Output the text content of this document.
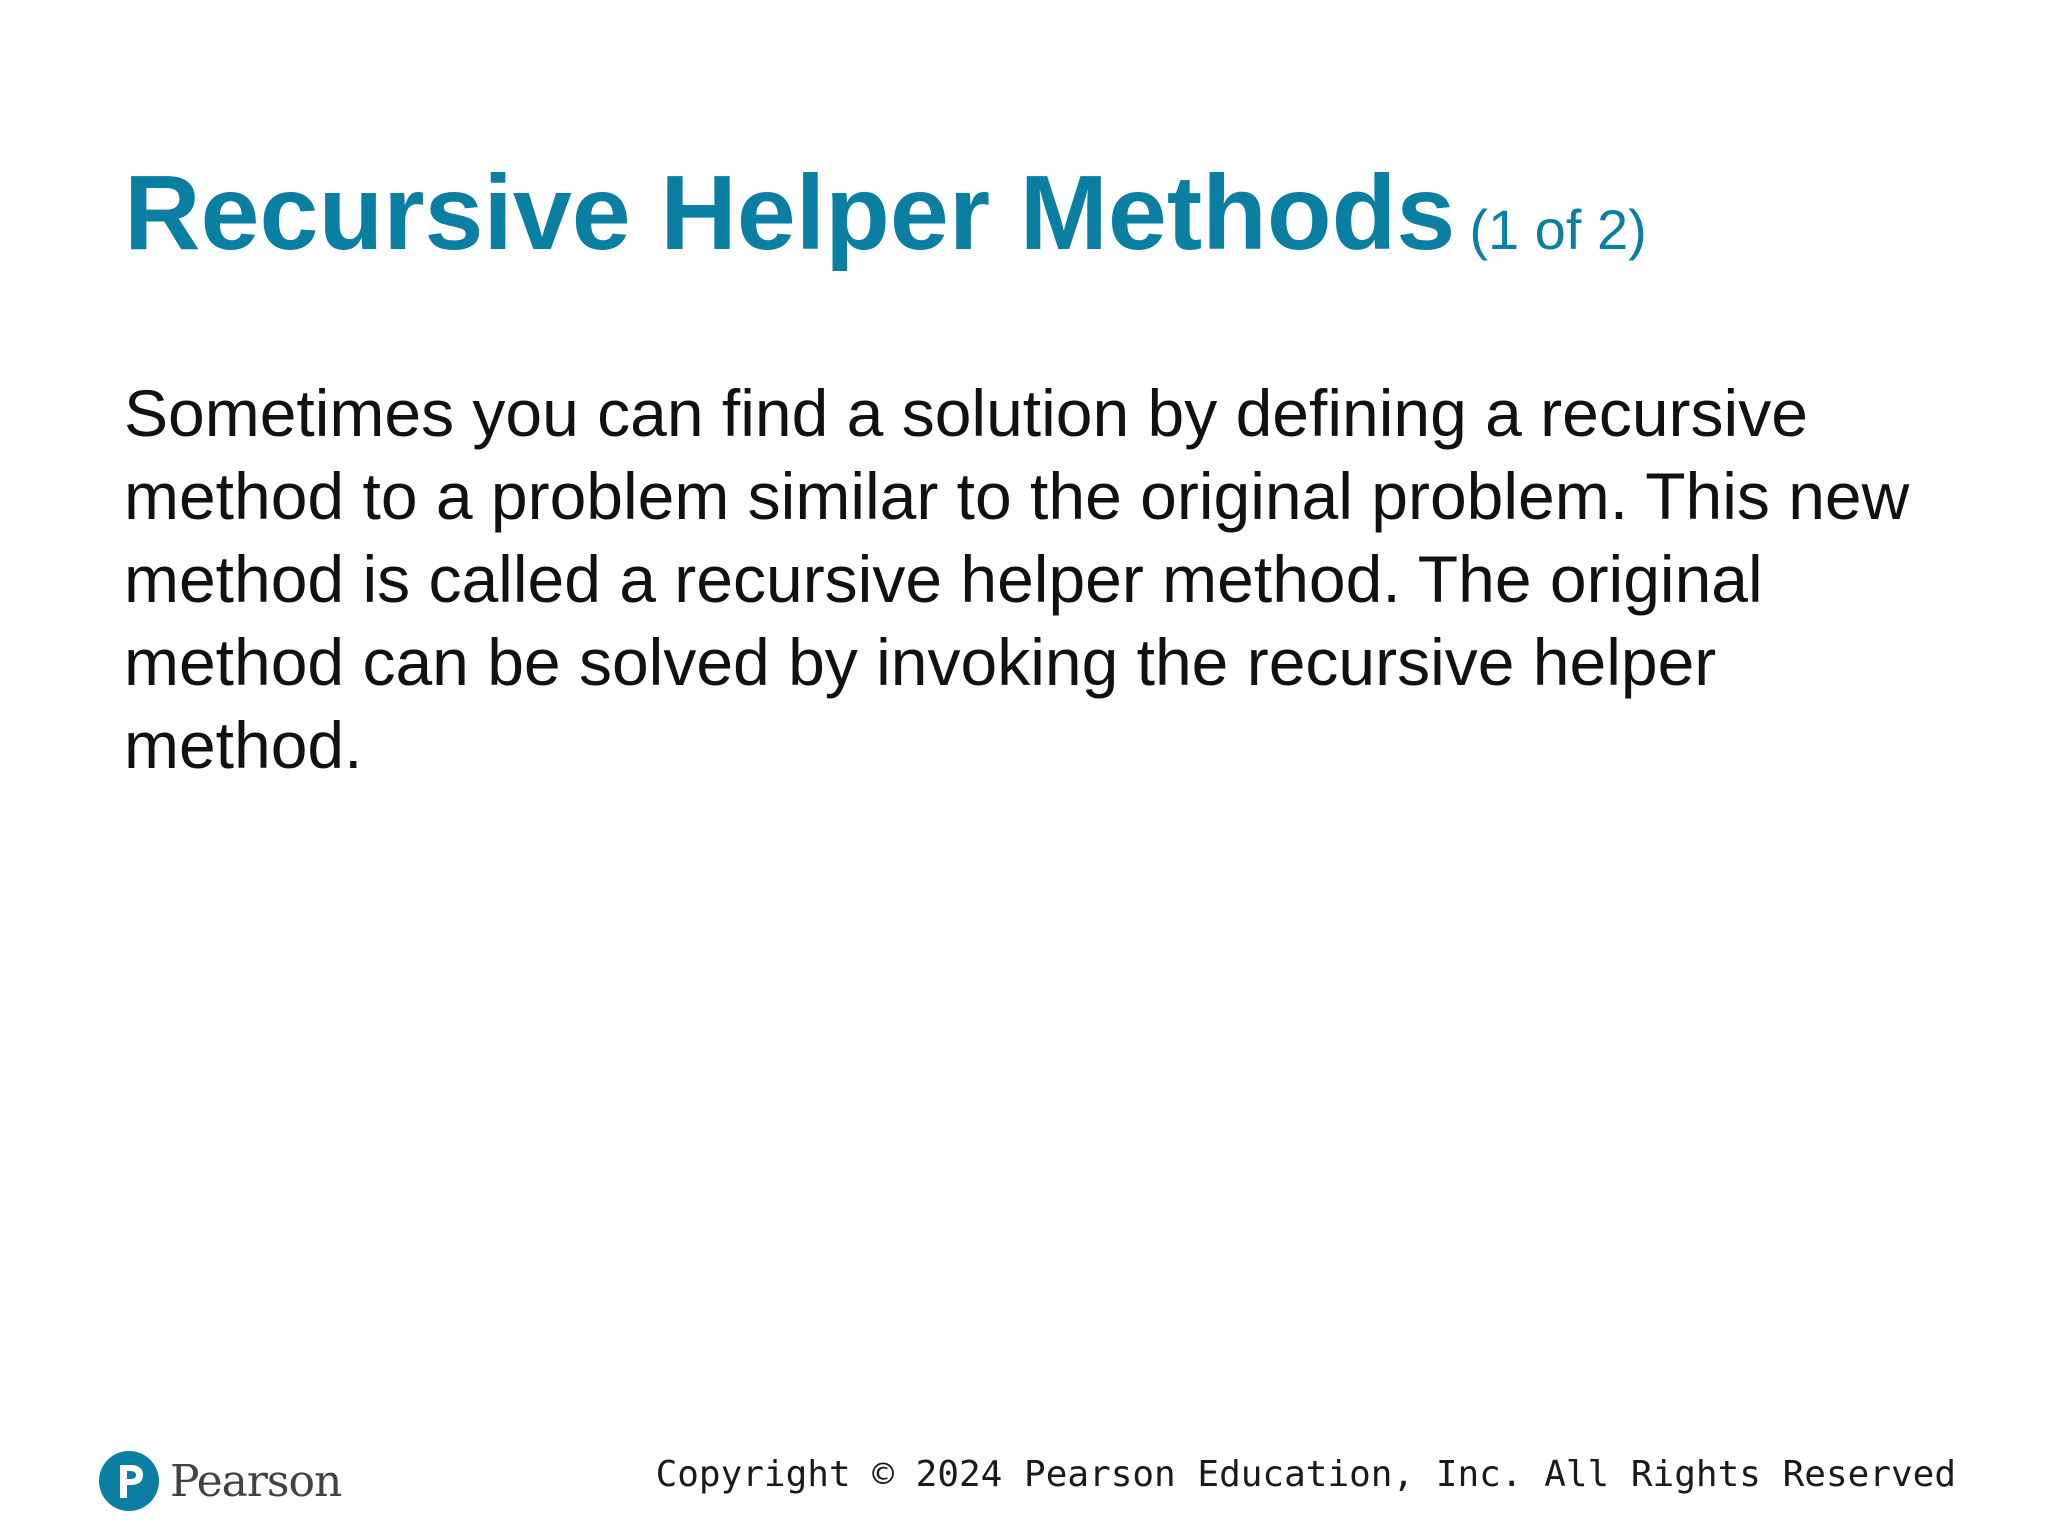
Recursive Helper Methods (1 of 2)

Sometimes you can find a solution by defining a recursive method to a problem similar to the original problem. This new method is called a recursive helper method. The original method can be solved by invoking the recursive helper method.

Pearson	Copyright © 2024 Pearson Education, Inc. All Rights Reserved
